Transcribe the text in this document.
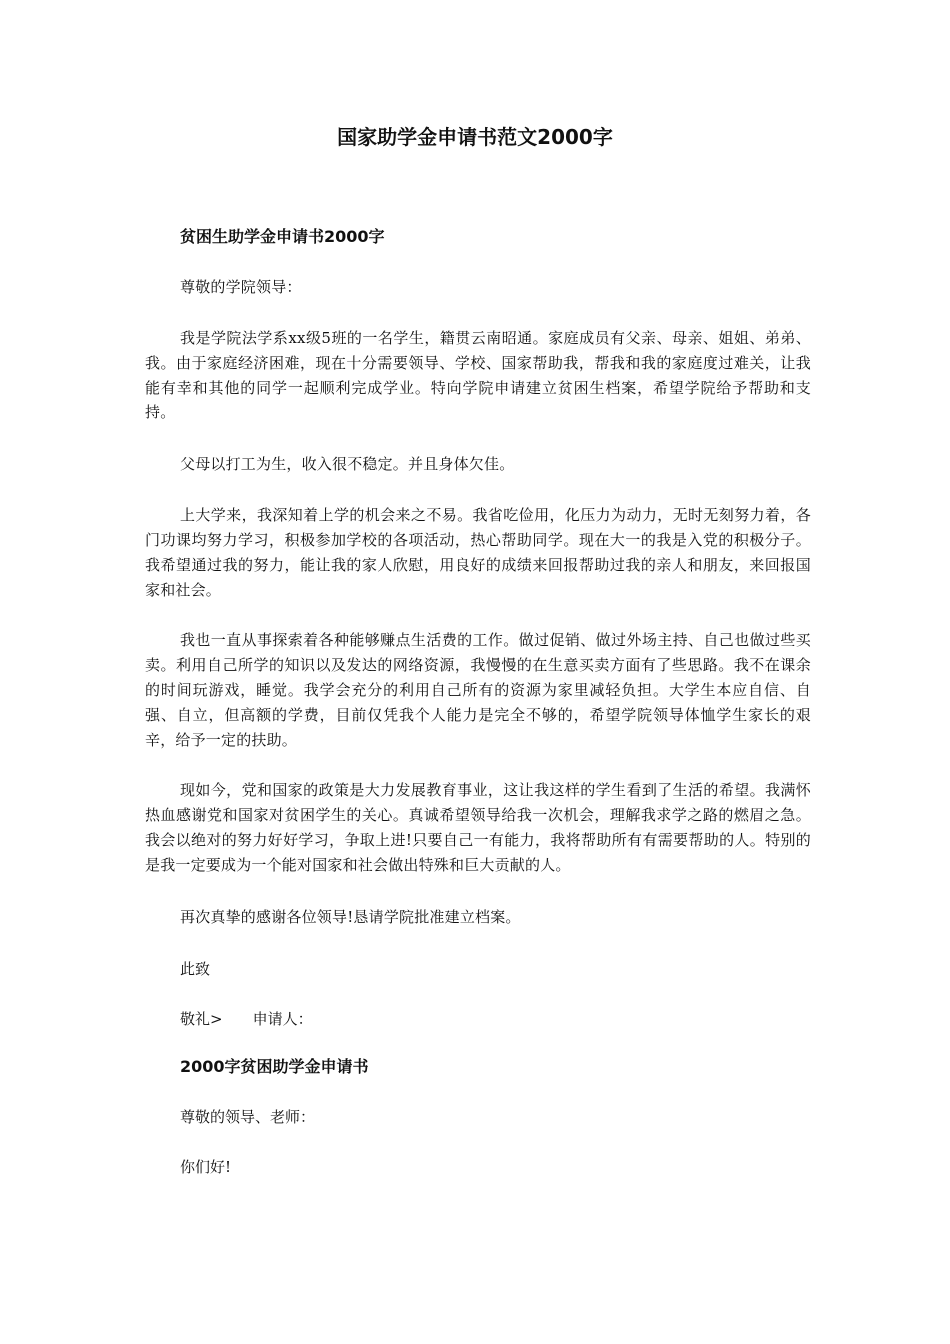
国家助学金申请书范文2000字
贫困生助学金申请书2000字

尊敬的学院领导：

我是学院法学系xx级5班的一名学生，籍贯云南昭通。家庭成员有父亲、母亲、姐姐、弟弟、我。由于家庭经济困难，现在十分需要领导、学校、国家帮助我，帮我和我的家庭度过难关，让我能有幸和其他的同学一起顺利完成学业。特向学院申请建立贫困生档案，希望学院给予帮助和支持。

父母以打工为生，收入很不稳定。并且身体欠佳。

上大学来，我深知着上学的机会来之不易。我省吃俭用，化压力为动力，无时无刻努力着，各门功课均努力学习，积极参加学校的各项活动，热心帮助同学。现在大一的我是入党的积极分子。我希望通过我的努力，能让我的家人欣慰，用良好的成绩来回报帮助过我的亲人和朋友，来回报国家和社会。

我也一直从事探索着各种能够赚点生活费的工作。做过促销、做过外场主持、自己也做过些买卖。利用自己所学的知识以及发达的网络资源，我慢慢的在生意买卖方面有了些思路。我不在课余的时间玩游戏，睡觉。我学会充分的利用自己所有的资源为家里减轻负担。大学生本应自信、自强、自立，但高额的学费，目前仅凭我个人能力是完全不够的，希望学院领导体恤学生家长的艰辛，给予一定的扶助。

现如今，党和国家的政策是大力发展教育事业，这让我这样的学生看到了生活的希望。我满怀热血感谢党和国家对贫困学生的关心。真诚希望领导给我一次机会，理解我求学之路的燃眉之急。我会以绝对的努力好好学习，争取上进!只要自己一有能力，我将帮助所有有需要帮助的人。特别的是我一定要成为一个能对国家和社会做出特殊和巨大贡献的人。

再次真挚的感谢各位领导!恳请学院批准建立档案。

此致

敬礼> 申请人：

2000字贫困助学金申请书

尊敬的领导、老师：

你们好!
